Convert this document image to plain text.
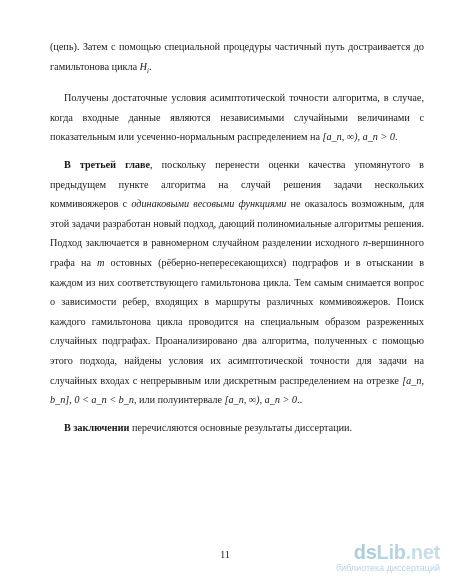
(цепь). Затем с помощью специальной процедуры частичный путь достраивается до гамильтонова цикла $H_i$.

Получены достаточные условия асимптотической точности алгоритма, в случае, когда входные данные являются независимыми случайными величинами с показательным или усеченно-нормальным распределением на [a_n, ∞), a_n > 0.

В третьей главе, поскольку перенести оценки качества упомянутого в предыдущем пункте алгоритма на случай решения задачи нескольких коммивояжеров с одинаковыми весовыми функциями не оказалось возможным, для этой задачи разработан новый подход, дающий полиномиальные алгоритмы решения. Подход заключается в равномерном случайном разделении исходного n-вершинного графа на m остовных (рёберно-непересекающихся) подграфов и в отыскании в каждом из них соответствующего гамильтонова цикла. Тем самым снимается вопрос о зависимости ребер, входящих в маршруты различных коммивояжеров. Поиск каждого гамильтонова цикла проводится на специальным образом разреженных случайных подграфах. Проанализировано два алгоритма, полученных с помощью этого подхода, найдены условия их асимптотической точности для задачи на случайных входах с непрерывным или дискретным распределением на отрезке [a_n, b_n], 0 < a_n < b_n, или полуинтервале [a_n, ∞), a_n > 0..

В заключении перечисляются основные результаты диссертации.

11	dsLib.net
библиотека диссертаций
